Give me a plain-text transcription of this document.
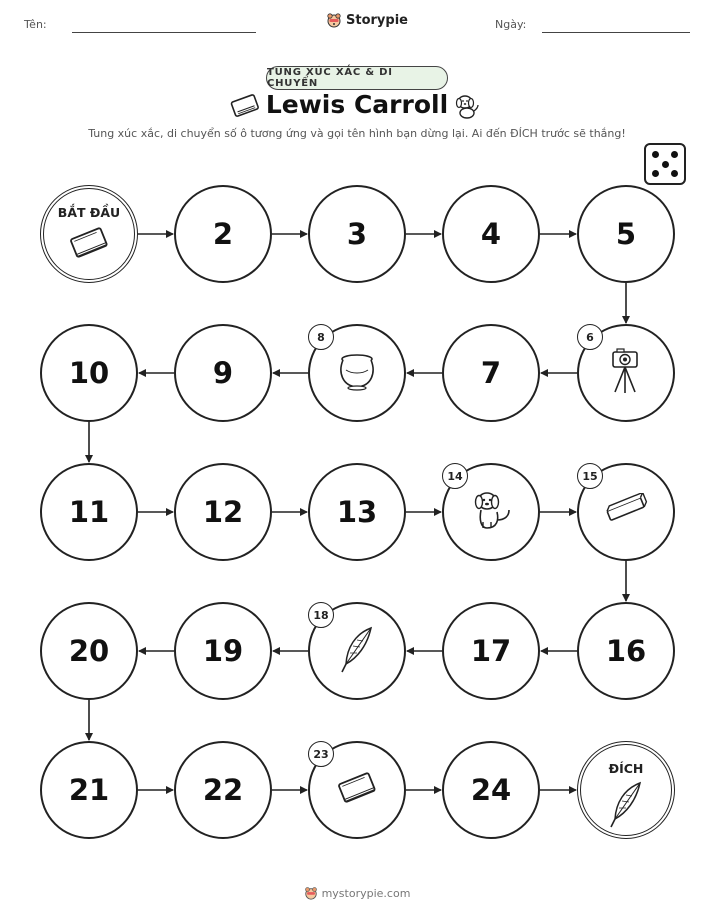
Tên:	Storypie	Ngày:
TUNG XÚC XẮC & DI CHUYỂN
Lewis Carroll
Tung xúc xắc, di chuyển số ô tương ứng và gọi tên hình bạn dừng lại. Ai đến ĐÍCH trước sẽ thắng!
BẮT ĐẦU
2	3	4	5
6
7
8
9
10
11	12	13
14	15
16
17
18
19
20
21	22
23
24
ĐÍCH
mystorypie.com
